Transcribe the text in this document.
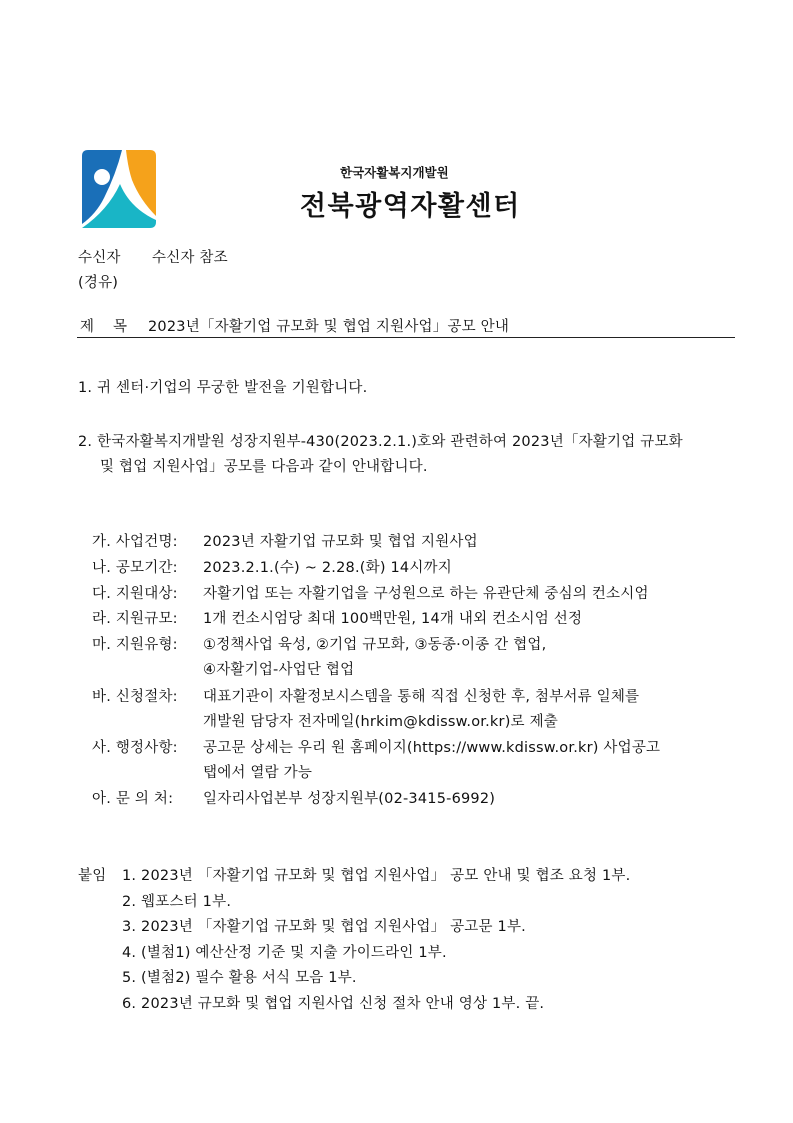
한국자활복지개발원
전북광역자활센터
수신자 수신자 참조
(경유)
제 목 2023년「자활기업 규모화 및 협업 지원사업」공모 안내
1. 귀 센터·기업의 무궁한 발전을 기원합니다.
2. 한국자활복지개발원 성장지원부-430(2023.2.1.)호와 관련하여 2023년「자활기업 규모화
및 협업 지원사업」공모를 다음과 같이 안내합니다.
가. 사업건명: 2023년 자활기업 규모화 및 협업 지원사업
나. 공모기간: 2023.2.1.(수) ~ 2.28.(화) 14시까지
다. 지원대상: 자활기업 또는 자활기업을 구성원으로 하는 유관단체 중심의 컨소시엄
라. 지원규모: 1개 컨소시엄당 최대 100백만원, 14개 내외 컨소시엄 선정
마. 지원유형: ①정책사업 육성, ②기업 규모화, ③동종·이종 간 협업,
④자활기업-사업단 협업
바. 신청절차: 대표기관이 자활정보시스템을 통해 직접 신청한 후, 첨부서류 일체를
개발원 담당자 전자메일(hrkim@kdissw.or.kr)로 제출
사. 행정사항: 공고문 상세는 우리 원 홈페이지(https://www.kdissw.or.kr) 사업공고
탭에서 열람 가능
아. 문 의 처: 일자리사업본부 성장지원부(02-3415-6992)
붙임 1. 2023년 「자활기업 규모화 및 협업 지원사업」 공모 안내 및 협조 요청 1부.
2. 웹포스터 1부.
3. 2023년 「자활기업 규모화 및 협업 지원사업」 공고문 1부.
4. (별첨1) 예산산정 기준 및 지출 가이드라인 1부.
5. (별첨2) 필수 활용 서식 모음 1부.
6. 2023년 규모화 및 협업 지원사업 신청 절차 안내 영상 1부. 끝.
